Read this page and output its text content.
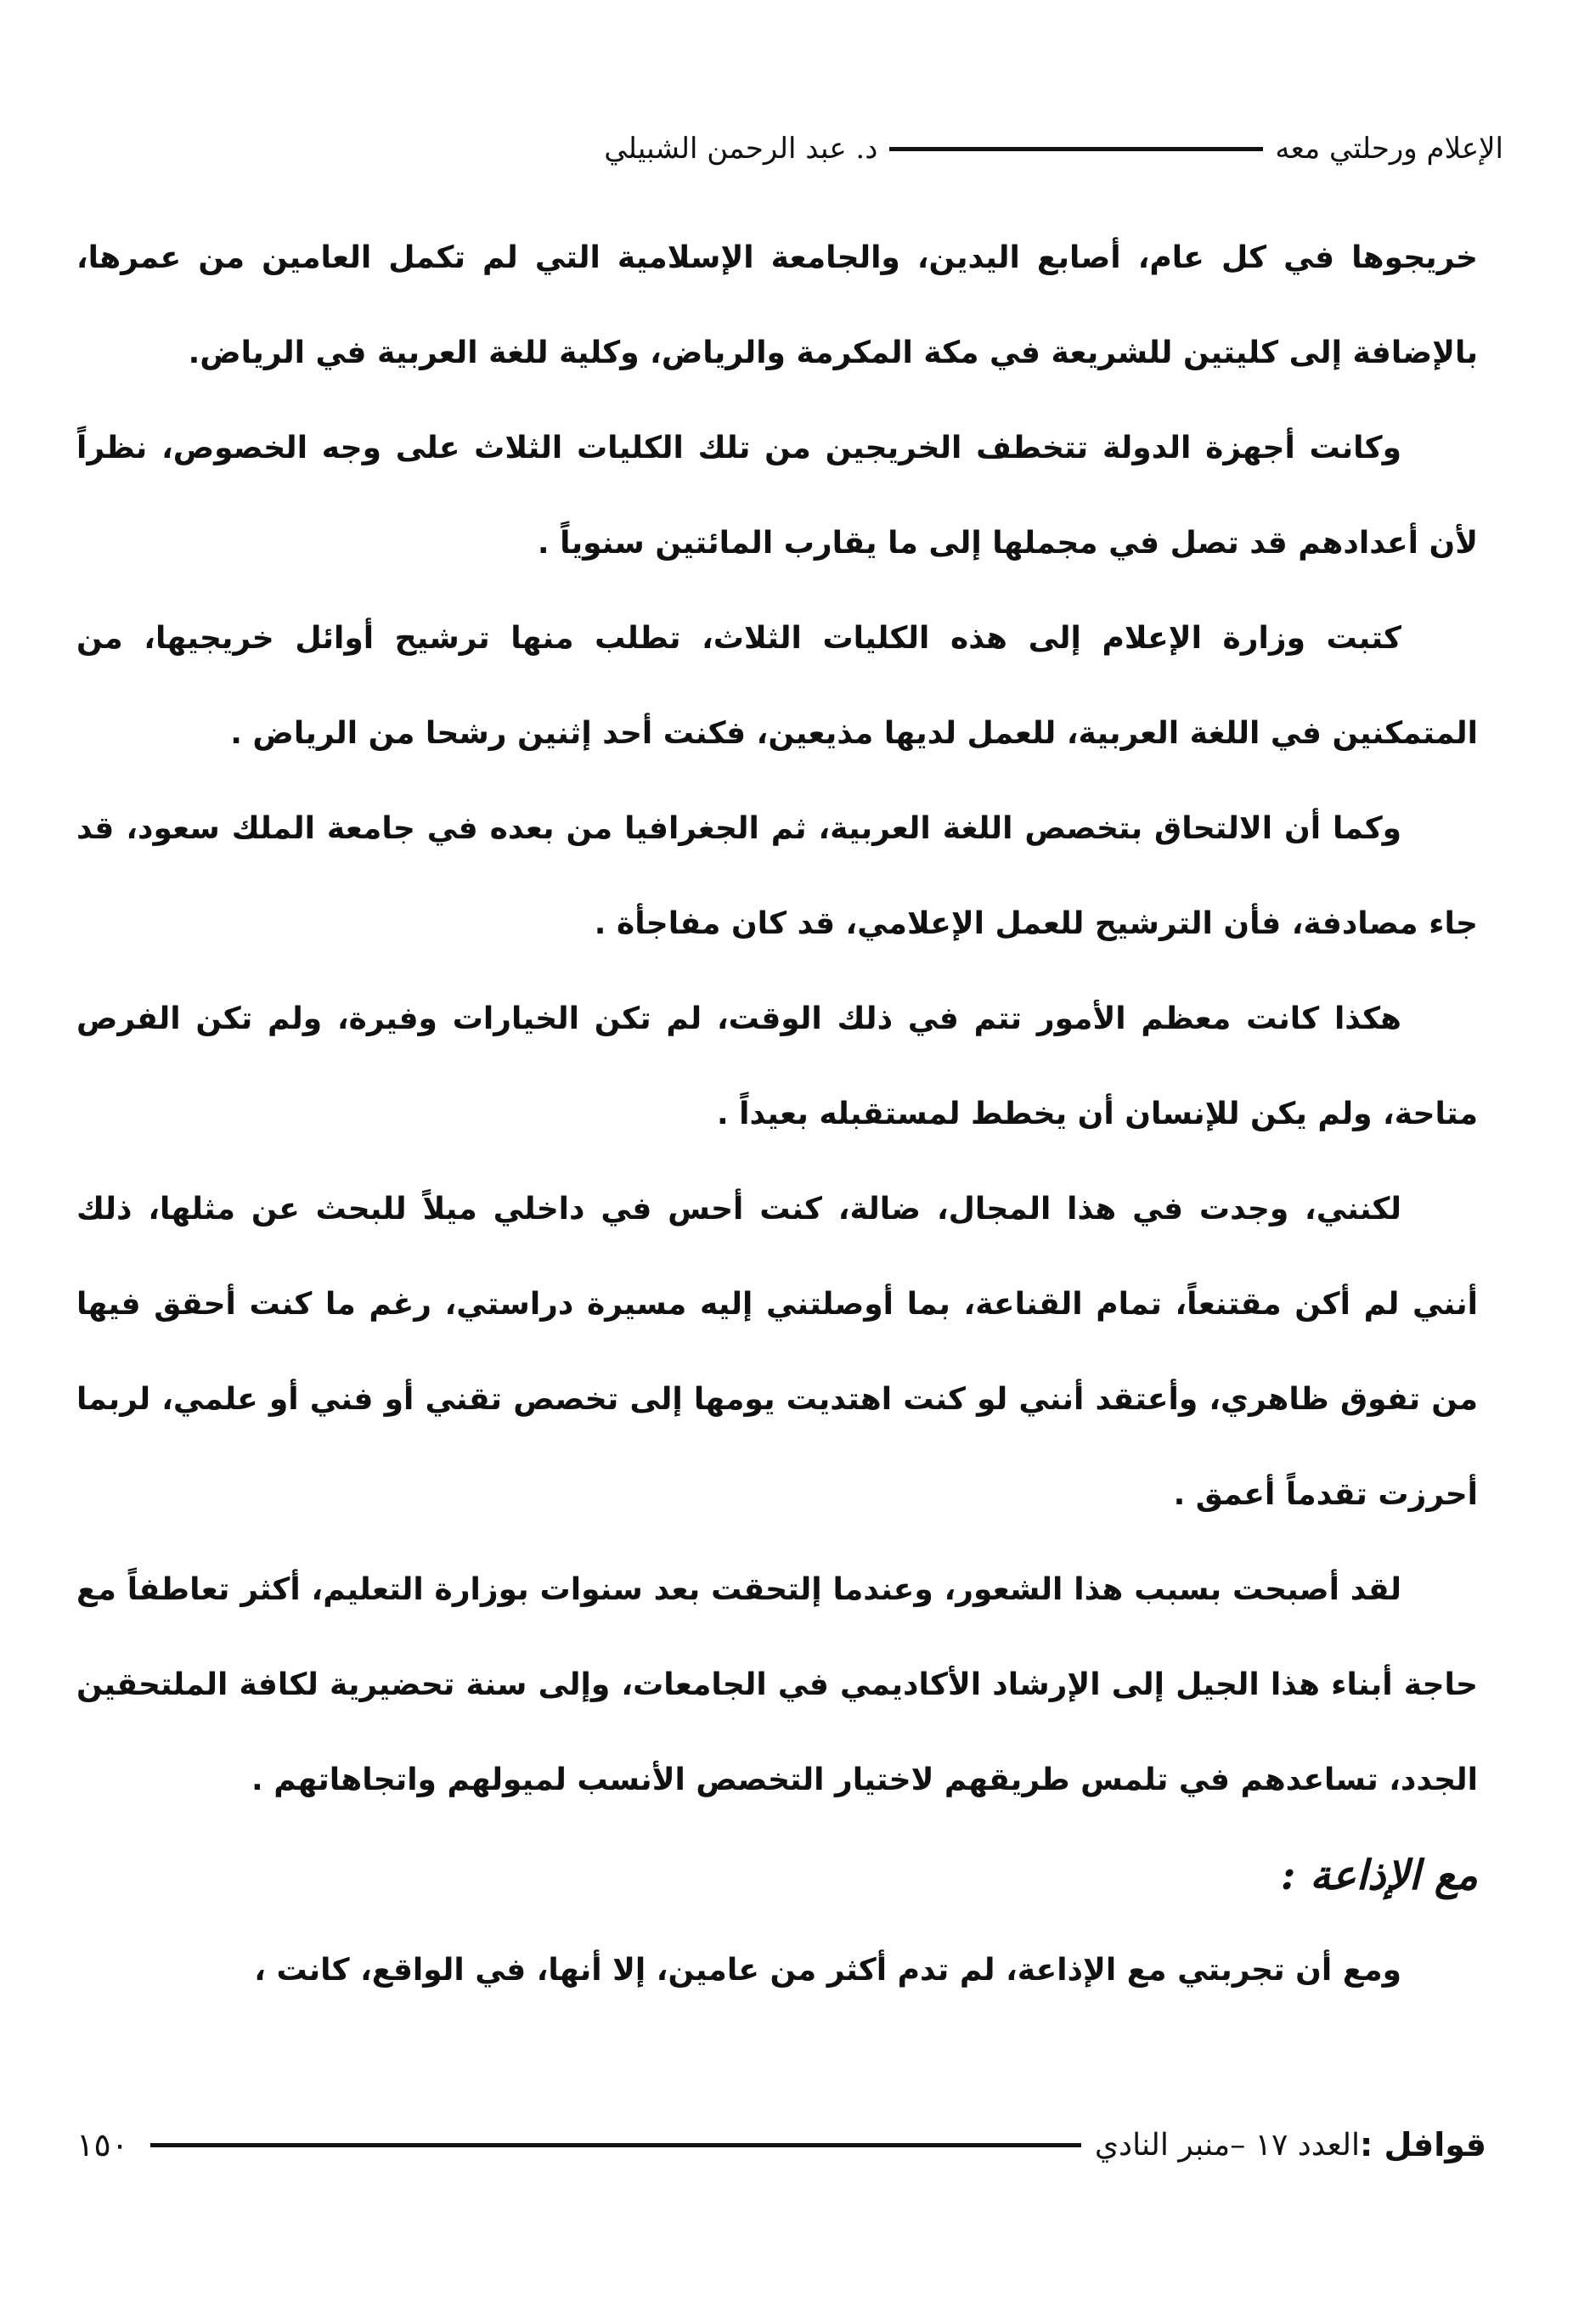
الإعلام ورحلتي معه
د. عبد الرحمن الشبيلي

خريجوها في كل عام، أصابع اليدين، والجامعة الإسلامية التي لم تكمل العامين من عمرها، بالإضافة إلى كليتين للشريعة في مكة المكرمة والرياض، وكلية للغة العربية في الرياض.

وكانت أجهزة الدولة تتخطف الخريجين من تلك الكليات الثلاث على وجه الخصوص، نظراً لأن أعدادهم قد تصل في مجملها إلى ما يقارب المائتين سنوياً .

كتبت وزارة الإعلام إلى هذه الكليات الثلاث، تطلب منها ترشيح أوائل خريجيها، من المتمكنين في اللغة العربية، للعمل لديها مذيعين، فكنت أحد إثنين رشحا من الرياض .

وكما أن الالتحاق بتخصص اللغة العربية، ثم الجغرافيا من بعده في جامعة الملك سعود، قد جاء مصادفة، فأن الترشيح للعمل الإعلامي، قد كان مفاجأة .

هكذا كانت معظم الأمور تتم في ذلك الوقت، لم تكن الخيارات وفيرة، ولم تكن الفرص متاحة، ولم يكن للإنسان أن يخطط لمستقبله بعيداً .

لكنني، وجدت في هذا المجال، ضالة، كنت أحس في داخلي ميلاً للبحث عن مثلها، ذلك أنني لم أكن مقتنعاً، تمام القناعة، بما أوصلتني إليه مسيرة دراستي، رغم ما كنت أحقق فيها من تفوق ظاهري، وأعتقد أنني لو كنت اهتديت يومها إلى تخصص تقني أو فني أو علمي، لربما أحرزت تقدماً أعمق .

لقد أصبحت بسبب هذا الشعور، وعندما إلتحقت بعد سنوات بوزارة التعليم، أكثر تعاطفاً مع حاجة أبناء هذا الجيل إلى الإرشاد الأكاديمي في الجامعات، وإلى سنة تحضيرية لكافة الملتحقين الجدد، تساعدهم في تلمس طريقهم لاختيار التخصص الأنسب لميولهم واتجاهاتهم .

مع الإذاعة :

ومع أن تجربتي مع الإذاعة، لم تدم أكثر من عامين، إلا أنها، في الواقع، كانت ،

قوافل :
العدد ١٧ –منبر النادي
١٥٠
